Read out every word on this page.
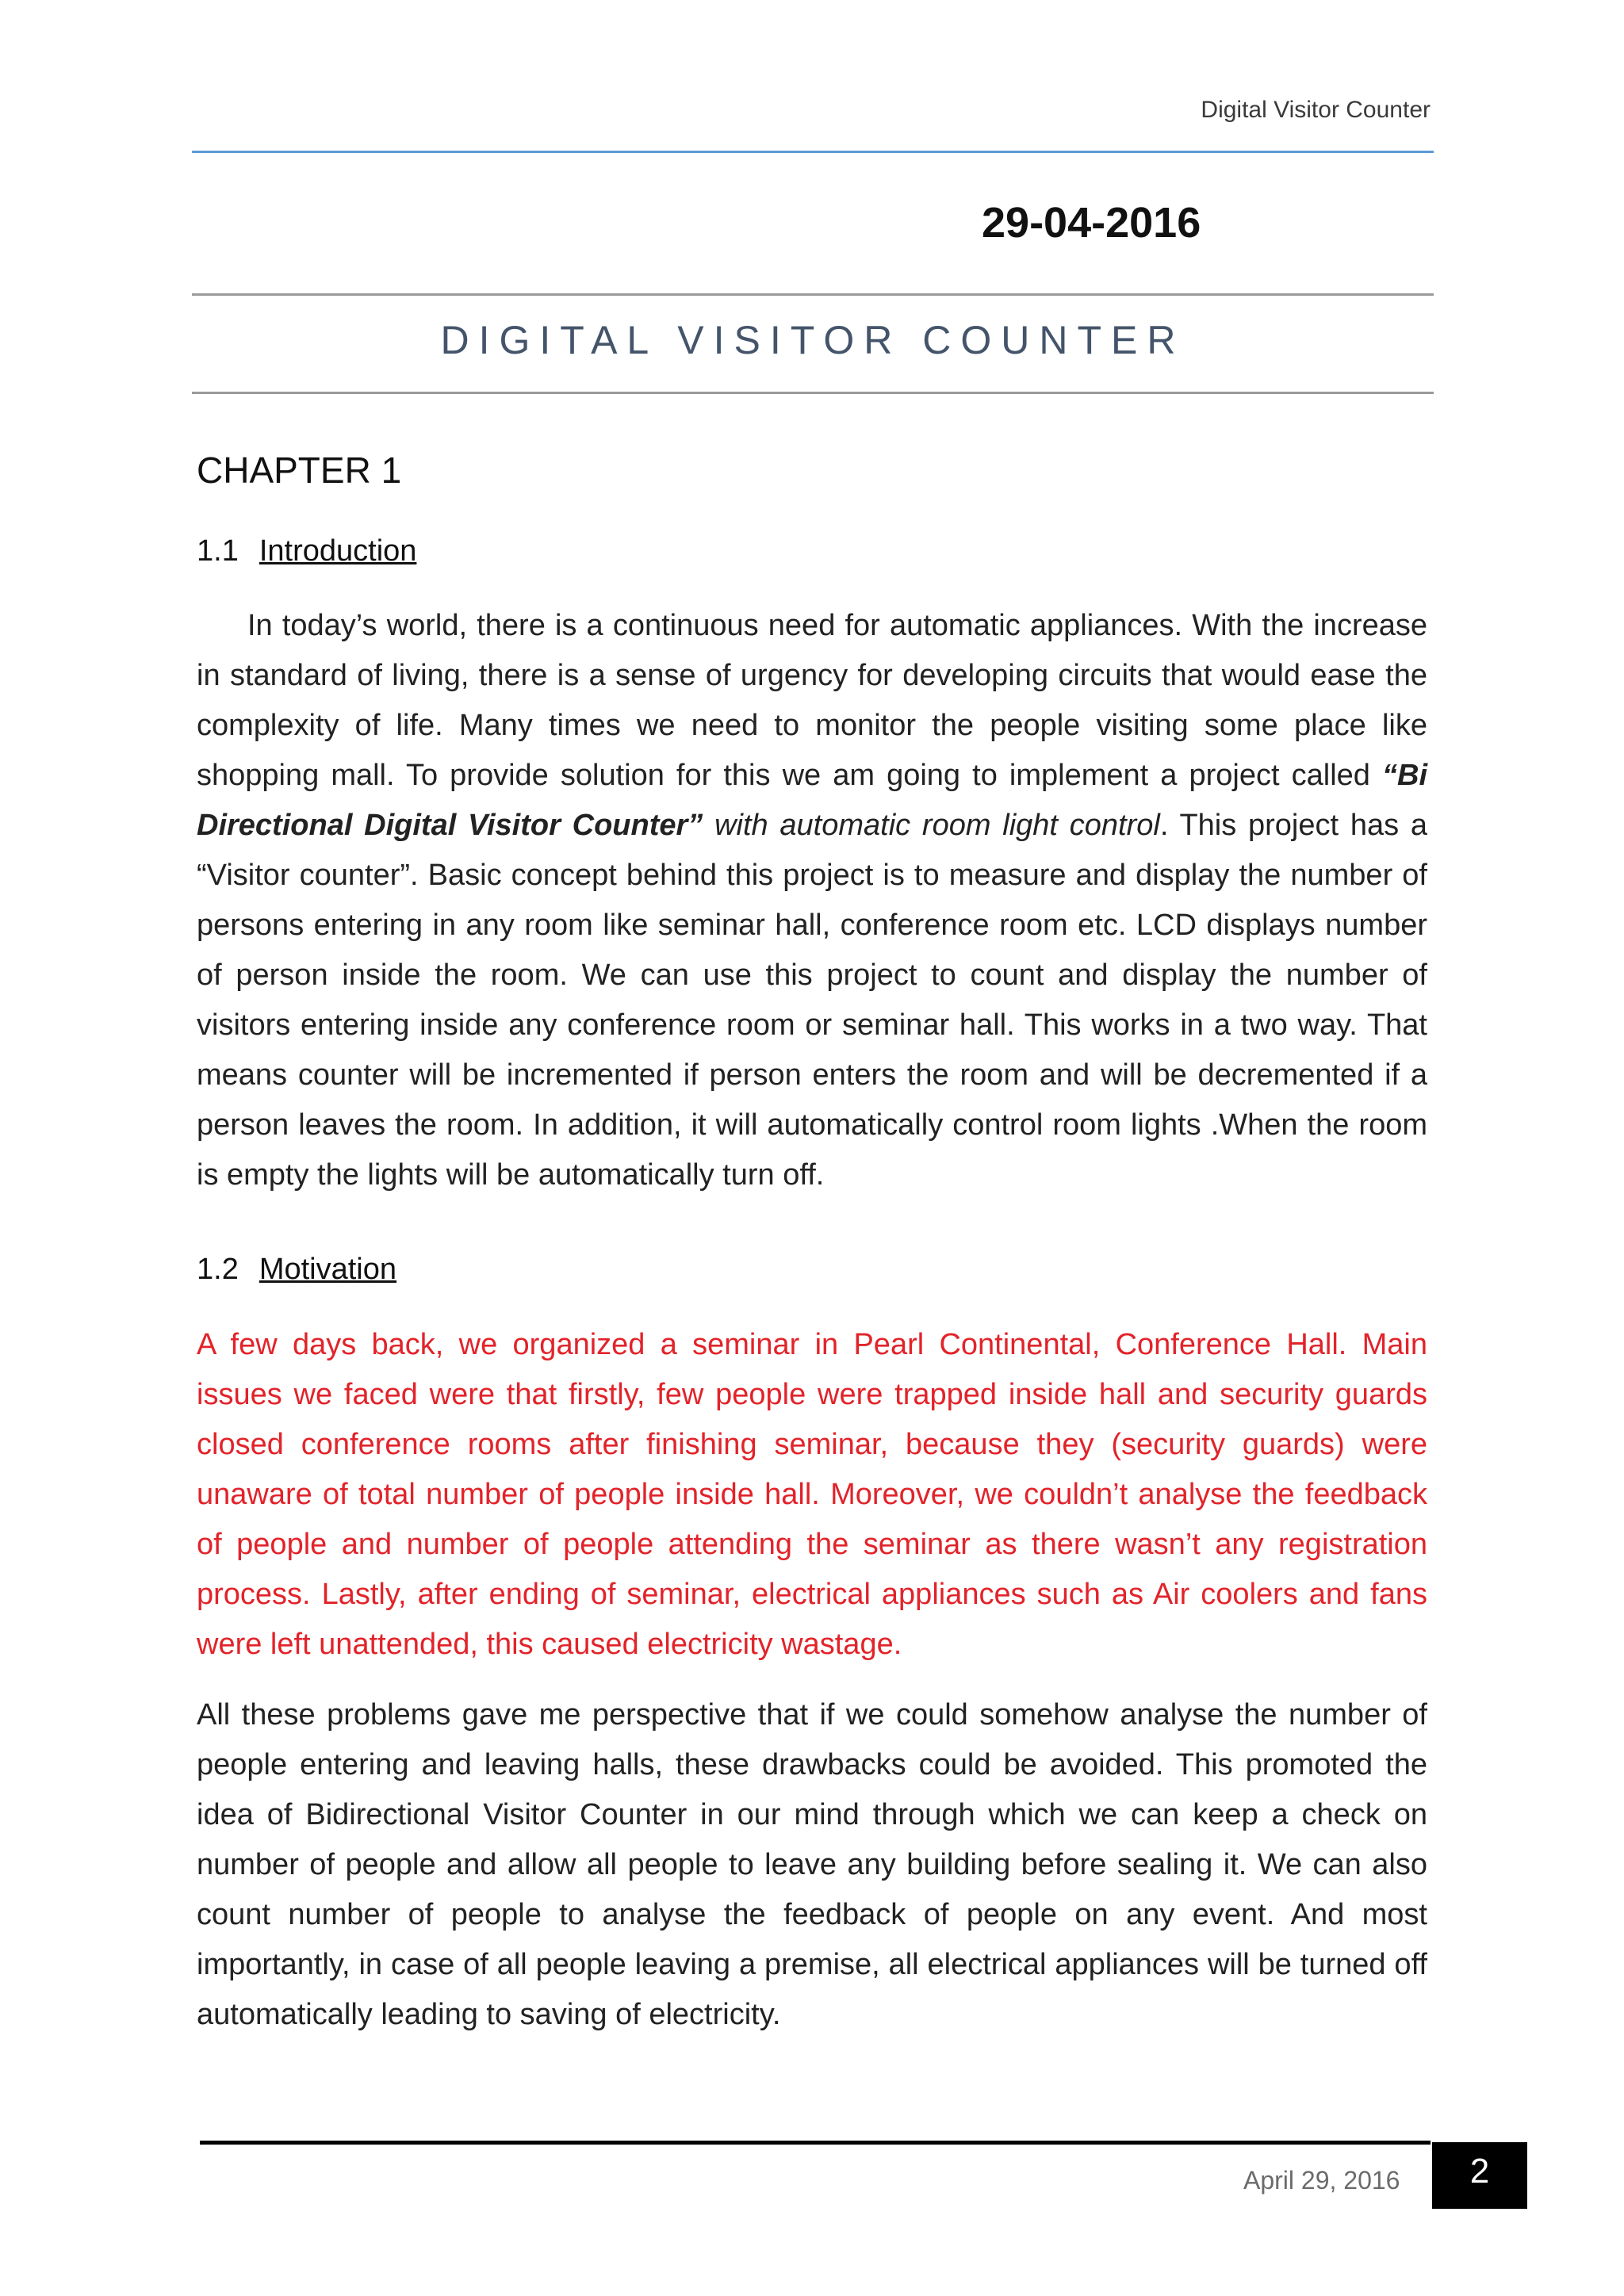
Digital Visitor Counter
29-04-2016
DIGITAL VISITOR COUNTER
CHAPTER 1
1.1 Introduction
In today’s world, there is a continuous need for automatic appliances. With the increase in standard of living, there is a sense of urgency for developing circuits that would ease the complexity of life. Many times we need to monitor the people visiting some place like shopping mall. To provide solution for this we am going to implement a project called “Bi Directional Digital Visitor Counter” with automatic room light control. This project has a “Visitor counter”. Basic concept behind this project is to measure and display the number of persons entering in any room like seminar hall, conference room etc. LCD displays number of person inside the room. We can use this project to count and display the number of visitors entering inside any conference room or seminar hall. This works in a two way. That means counter will be incremented if person enters the room and will be decremented if a person leaves the room. In addition, it will automatically control room lights .When the room is empty the lights will be automatically turn off.
1.2 Motivation
A few days back, we organized a seminar in Pearl Continental, Conference Hall. Main issues we faced were that firstly, few people were trapped inside hall and security guards closed conference rooms after finishing seminar, because they (security guards) were unaware of total number of people inside hall. Moreover, we couldn’t analyse the feedback of people and number of people attending the seminar as there wasn’t any registration process. Lastly, after ending of seminar, electrical appliances such as Air coolers and fans were left unattended, this caused electricity wastage.
All these problems gave me perspective that if we could somehow analyse the number of people entering and leaving halls, these drawbacks could be avoided. This promoted the idea of Bidirectional Visitor Counter in our mind through which we can keep a check on number of people and allow all people to leave any building before sealing it. We can also count number of people to analyse the feedback of people on any event. And most importantly, in case of all people leaving a premise, all electrical appliances will be turned off automatically leading to saving of electricity.
April 29, 2016	2
